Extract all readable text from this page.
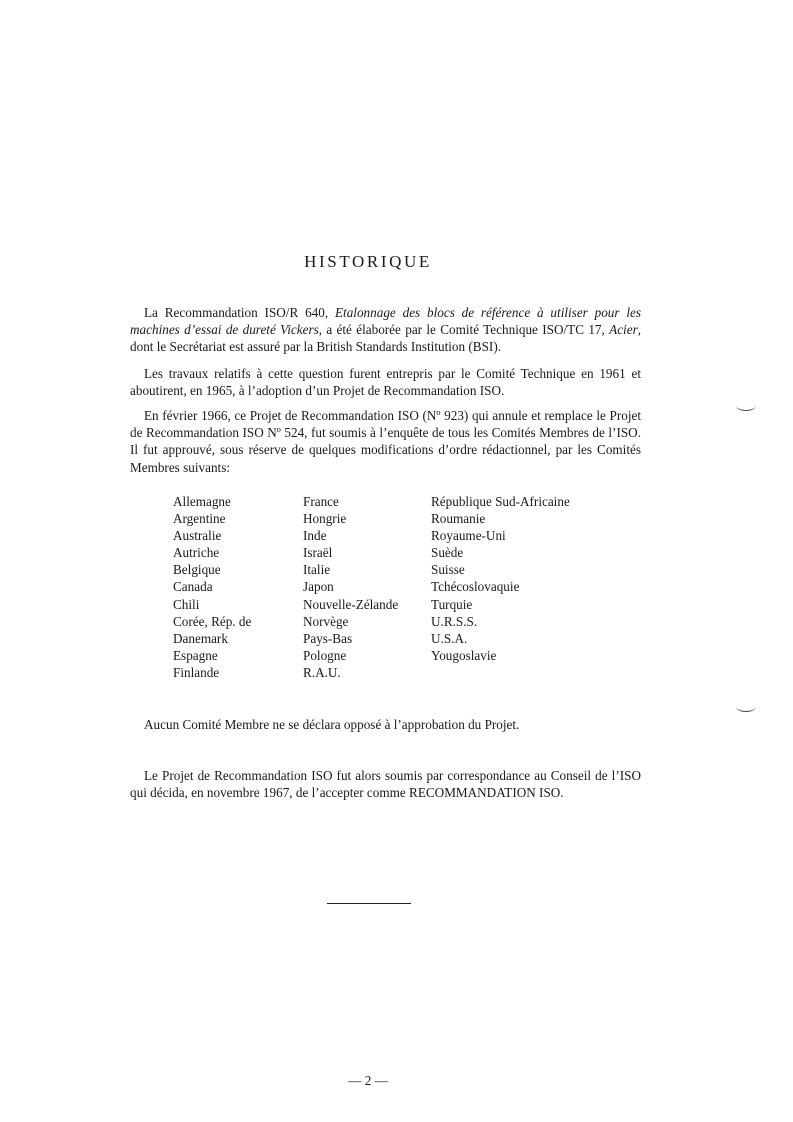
HISTORIQUE

La Recommandation ISO/R 640, Etalonnage des blocs de référence à utiliser pour les machines d’essai de dureté Vickers, a été élaborée par le Comité Technique ISO/TC 17, Acier, dont le Secrétariat est assuré par la British Standards Institution (BSI).

Les travaux relatifs à cette question furent entrepris par le Comité Technique en 1961 et aboutirent, en 1965, à l’adoption d’un Projet de Recommandation ISO.

En février 1966, ce Projet de Recommandation ISO (Nº 923) qui annule et remplace le Projet de Recommandation ISO Nº 524, fut soumis à l’enquête de tous les Comités Membres de l’ISO. Il fut approuvé, sous réserve de quelques modifications d’ordre rédactionnel, par les Comités Membres suivants:

Allemagne
Argentine
Australie
Autriche
Belgique
Canada
Chili
Corée, Rép. de
Danemark
Espagne
Finlande
France
Hongrie
Inde
Israël
Italie
Japon
Nouvelle-Zélande
Norvège
Pays-Bas
Pologne
R.A.U.
République Sud-Africaine
Roumanie
Royaume-Uni
Suède
Suisse
Tchécoslovaquie
Turquie
U.R.S.S.
U.S.A.
Yougoslavie

Aucun Comité Membre ne se déclara opposé à l’approbation du Projet.

Le Projet de Recommandation ISO fut alors soumis par correspondance au Conseil de l’ISO qui décida, en novembre 1967, de l’accepter comme RECOMMANDATION ISO.

— 2 —
